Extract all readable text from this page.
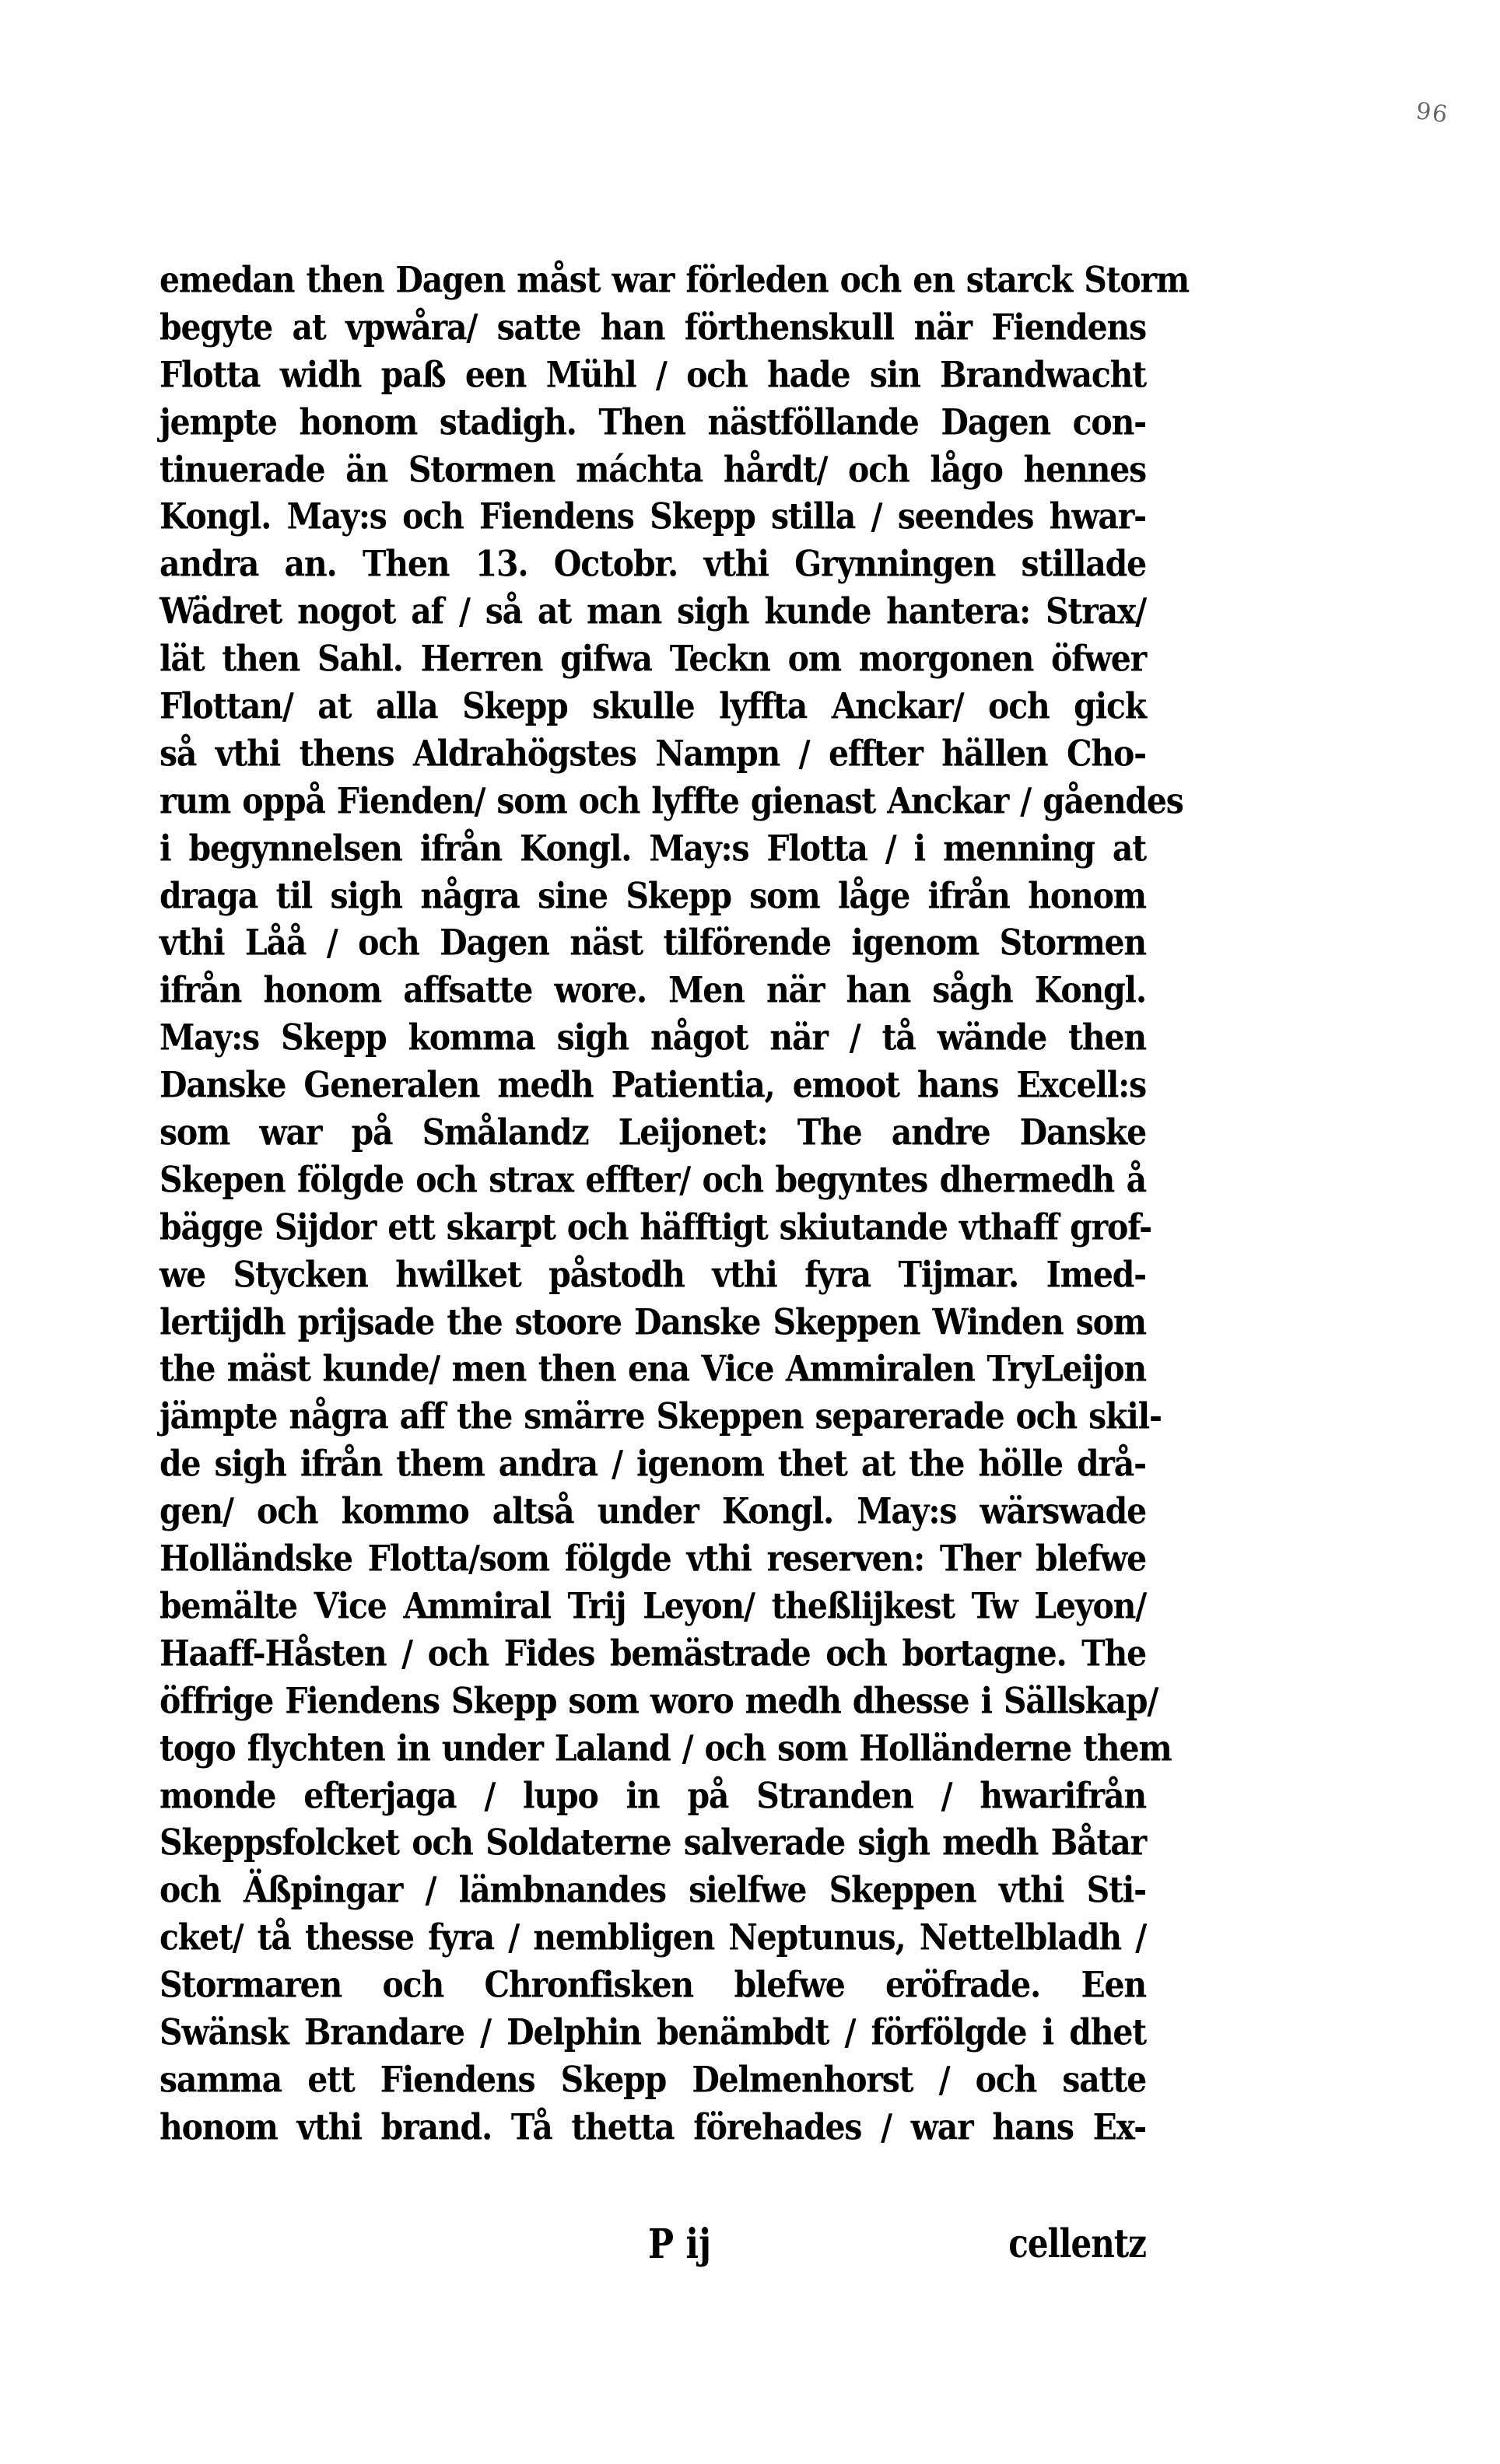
96
emedan then Dagen måst war förleden och en starck Storm
begyte at vpwåra/ satte han förthenskull när Fiendens
Flotta widh paß een Mühl / och hade sin Brandwacht
jempte honom stadigh. Then nästföllande Dagen con-
tinuerade än Stormen máchta hårdt/ och lågo hennes
Kongl. May:s och Fiendens Skepp stilla / seendes hwar-
andra an. Then 13. Octobr. vthi Grynningen stillade
Wädret nogot af / så at man sigh kunde hantera: Strax/
lät then Sahl. Herren gifwa Teckn om morgonen öfwer
Flottan/ at alla Skepp skulle lyffta Anckar/ och gick
så vthi thens Aldrahögstes Nampn / effter hällen Cho-
rum oppå Fienden/ som och lyffte gienast Anckar / gåendes
i begynnelsen ifrån Kongl. May:s Flotta / i menning at
draga til sigh några sine Skepp som låge ifrån honom
vthi Låå / och Dagen näst tilförende igenom Stormen
ifrån honom affsatte wore. Men när han sågh Kongl.
May:s Skepp komma sigh något när / tå wände then
Danske Generalen medh Patientia, emoot hans Excell:s
som war på Smålandz Leijonet: The andre Danske
Skepen fölgde och strax effter/ och begyntes dhermedh å
bägge Sijdor ett skarpt och häfftigt skiutande vthaff grof-
we Stycken hwilket påstodh vthi fyra Tijmar. Imed-
lertijdh prijsade the stoore Danske Skeppen Winden som
the mäst kunde/ men then ena Vice Ammiralen TryLeijon
jämpte några aff the smärre Skeppen separerade och skil-
de sigh ifrån them andra / igenom thet at the hölle drå-
gen/ och kommo altså under Kongl. May:s wärswade
Holländske Flotta/som fölgde vthi reserven: Ther blefwe
bemälte Vice Ammiral Trij Leyon/ theßlijkest Tw Leyon/
Haaff-Håsten / och Fides bemästrade och bortagne. The
öffrige Fiendens Skepp som woro medh dhesse i Sällskap/
togo flychten in under Laland / och som Holländerne them
monde efterjaga / lupo in på Stranden / hwarifrån
Skeppsfolcket och Soldaterne salverade sigh medh Båtar
och Äßpingar / lämbnandes sielfwe Skeppen vthi Sti-
cket/ tå thesse fyra / nembligen Neptunus, Nettelbladh /
Stormaren och Chronfisken blefwe eröfrade. Een
Swänsk Brandare / Delphin benämbdt / förfölgde i dhet
samma ett Fiendens Skepp Delmenhorst / och satte
honom vthi brand. Tå thetta förehades / war hans Ex-
P ij	cellentz
